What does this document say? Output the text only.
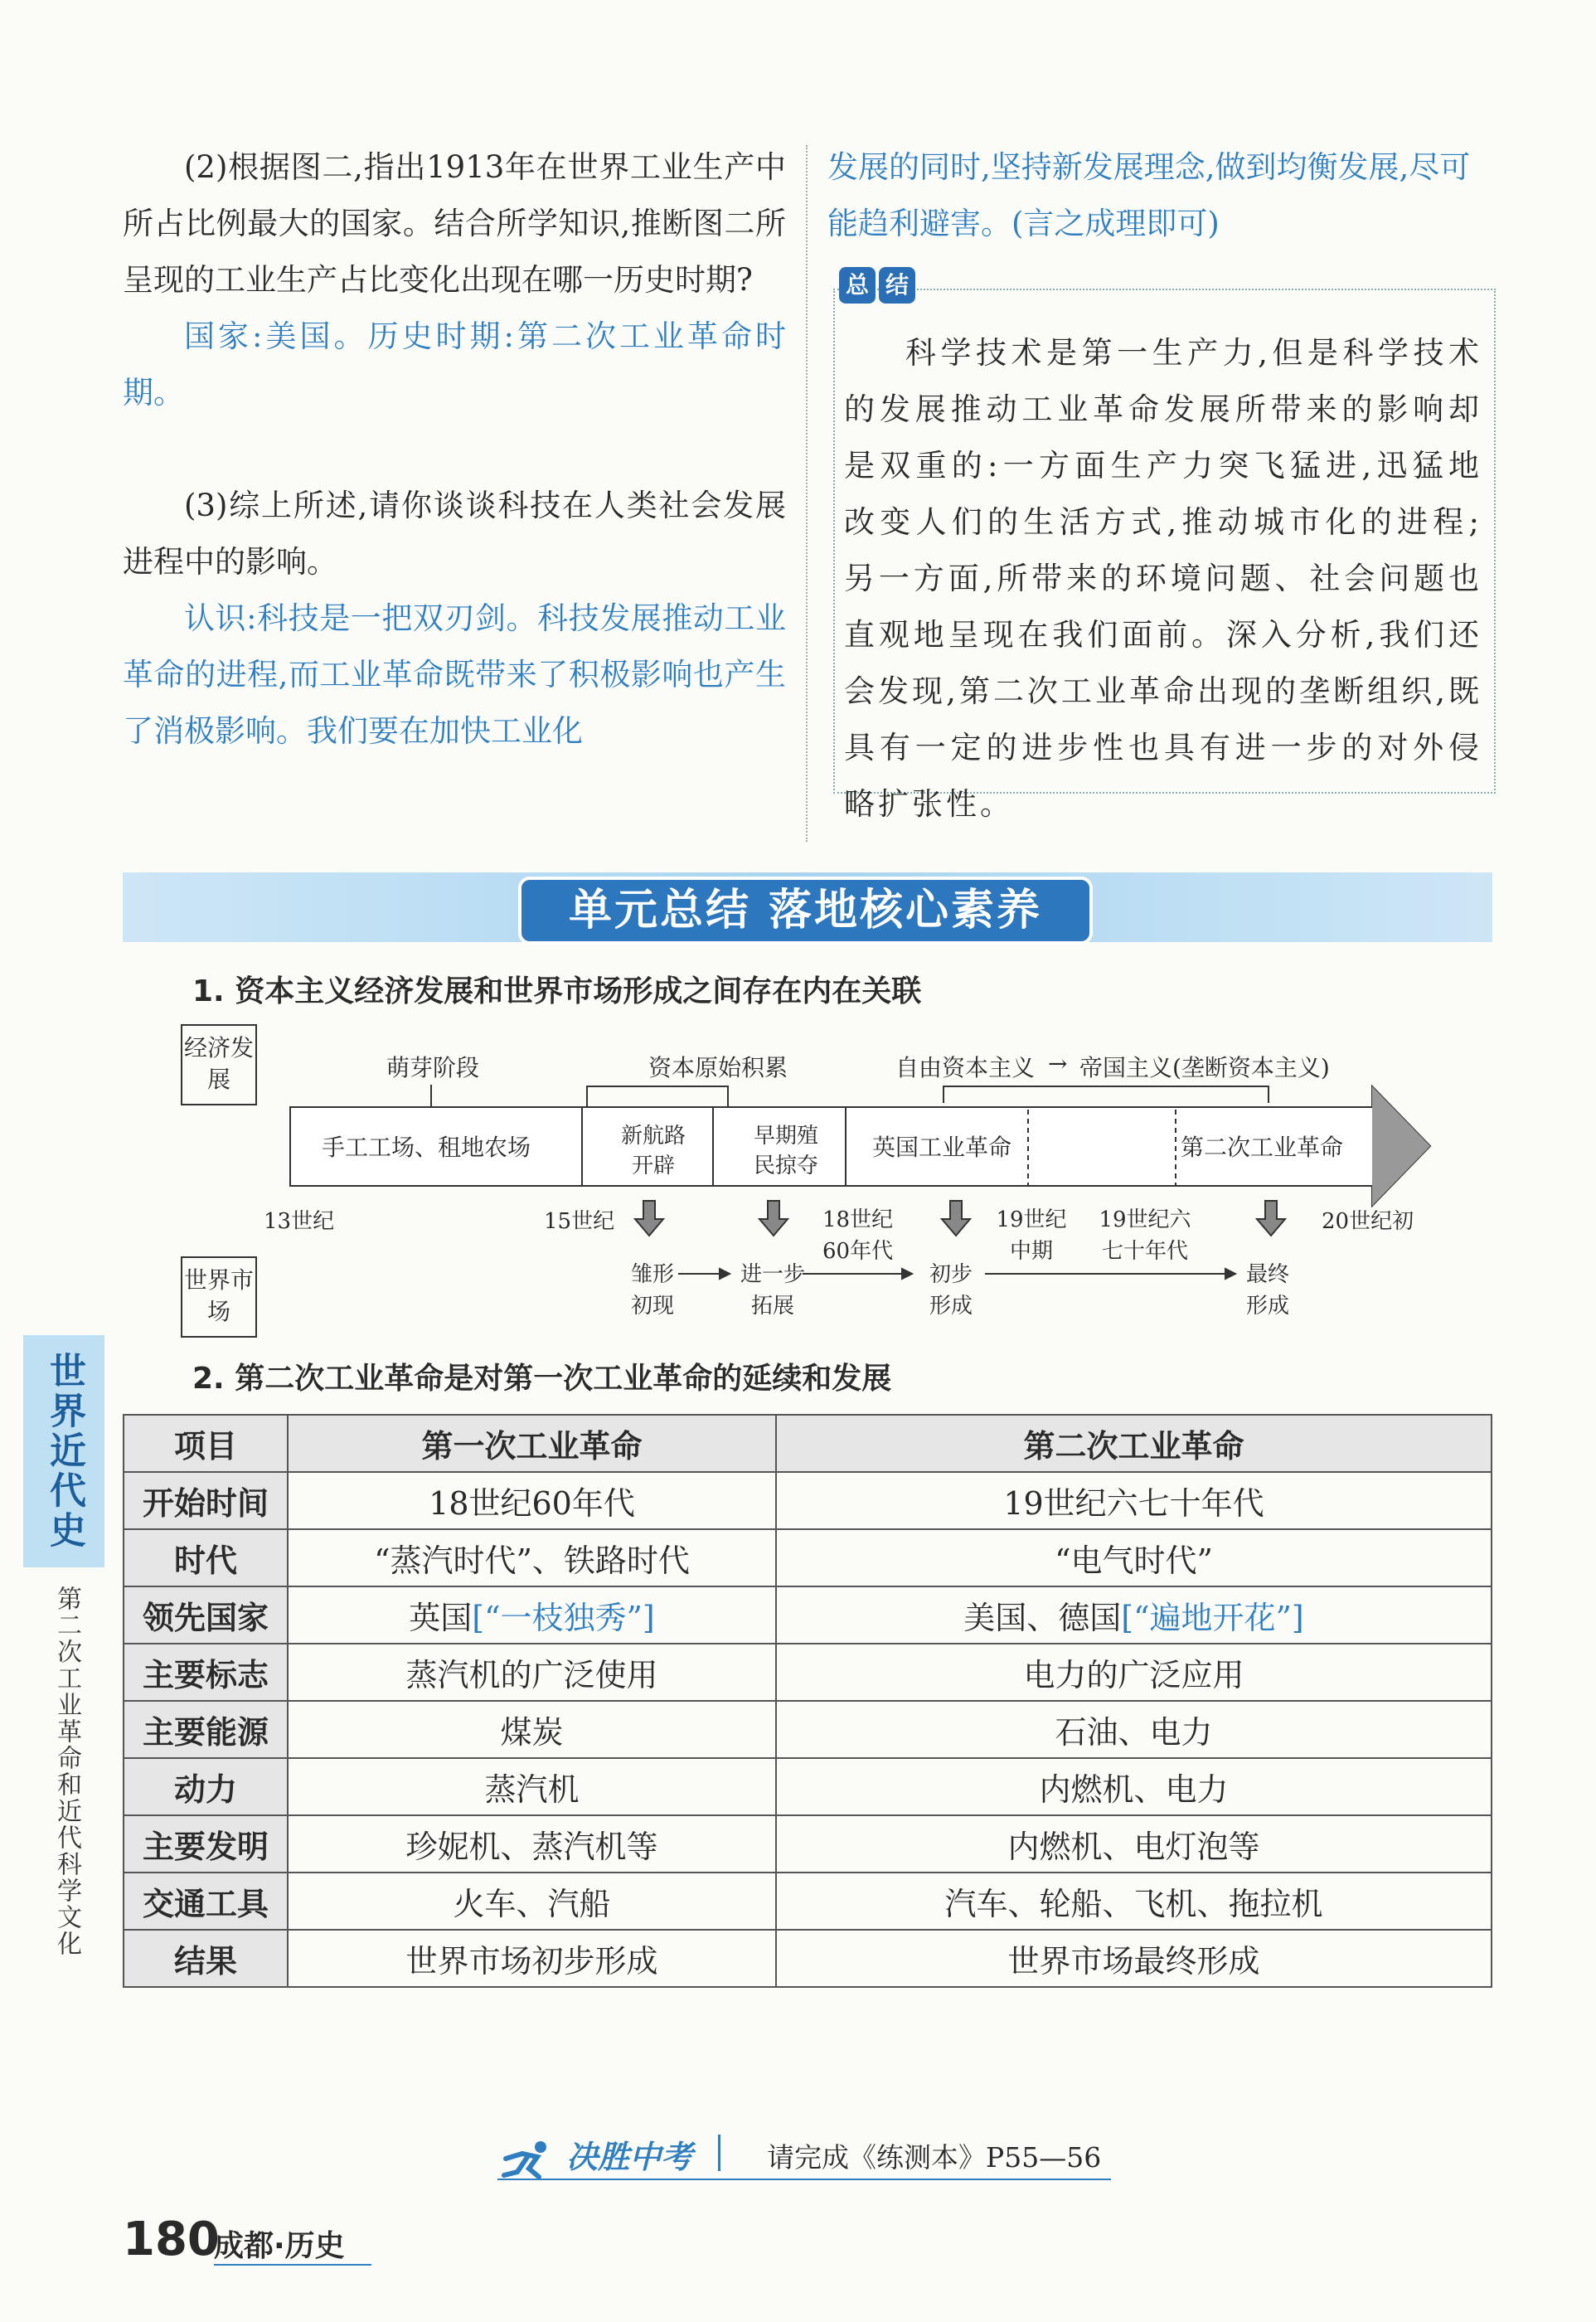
(2)根据图二,指出1913年在世界工业生产中所占比例最大的国家。结合所学知识,推断图二所呈现的工业生产占比变化出现在哪一历史时期?

国家:美国。历史时期:第二次工业革命时期。

(3)综上所述,请你谈谈科技在人类社会发展进程中的影响。

认识:科技是一把双刃剑。科技发展推动工业革命的进程,而工业革命既带来了积极影响也产生了消极影响。我们要在加快工业化

发展的同时,坚持新发展理念,做到均衡发展,尽可能趋利避害。(言之成理即可)

总 结

科学技术是第一生产力,但是科学技术的发展推动工业革命发展所带来的影响却是双重的:一方面生产力突飞猛进,迅猛地改变人们的生活方式,推动城市化的进程;另一方面,所带来的环境问题、社会问题也直观地呈现在我们面前。深入分析,我们还会发现,第二次工业革命出现的垄断组织,既具有一定的进步性也具有进一步的对外侵略扩张性。

单元总结 落地核心素养

1. 资本主义经济发展和世界市场形成之间存在内在关联

经济发展
世界市场
萌芽阶段	资本原始积累	自由资本主义 → 帝国主义(垄断资本主义)
手工工场、租地农场	新航路开辟
早期殖民掠夺
英国工业革命	第二次工业革命
13世纪	15世纪	18世纪60年代
19世纪中期
19世纪六七十年代
20世纪初
雏形初现
进一步拓展
初步形成
最终形成

2. 第二次工业革命是对第一次工业革命的延续和发展

项目	第一次工业革命	第二次工业革命
开始时间	18世纪60年代	19世纪六七十年代
时代	“蒸汽时代”、铁路时代	“电气时代”
领先国家	英国[“一枝独秀”]	美国、德国[“遍地开花”]
主要标志	蒸汽机的广泛使用	电力的广泛应用
主要能源	煤炭	石油、电力
动力	蒸汽机	内燃机、电力
主要发明	珍妮机、蒸汽机等	内燃机、电灯泡等
交通工具	火车、汽船	汽车、轮船、飞机、拖拉机
结果	世界市场初步形成	世界市场最终形成
世界近代史
第二次工业革命和近代科学文化
决胜中考	请完成《练测本》P55—56
180
成都·历史
